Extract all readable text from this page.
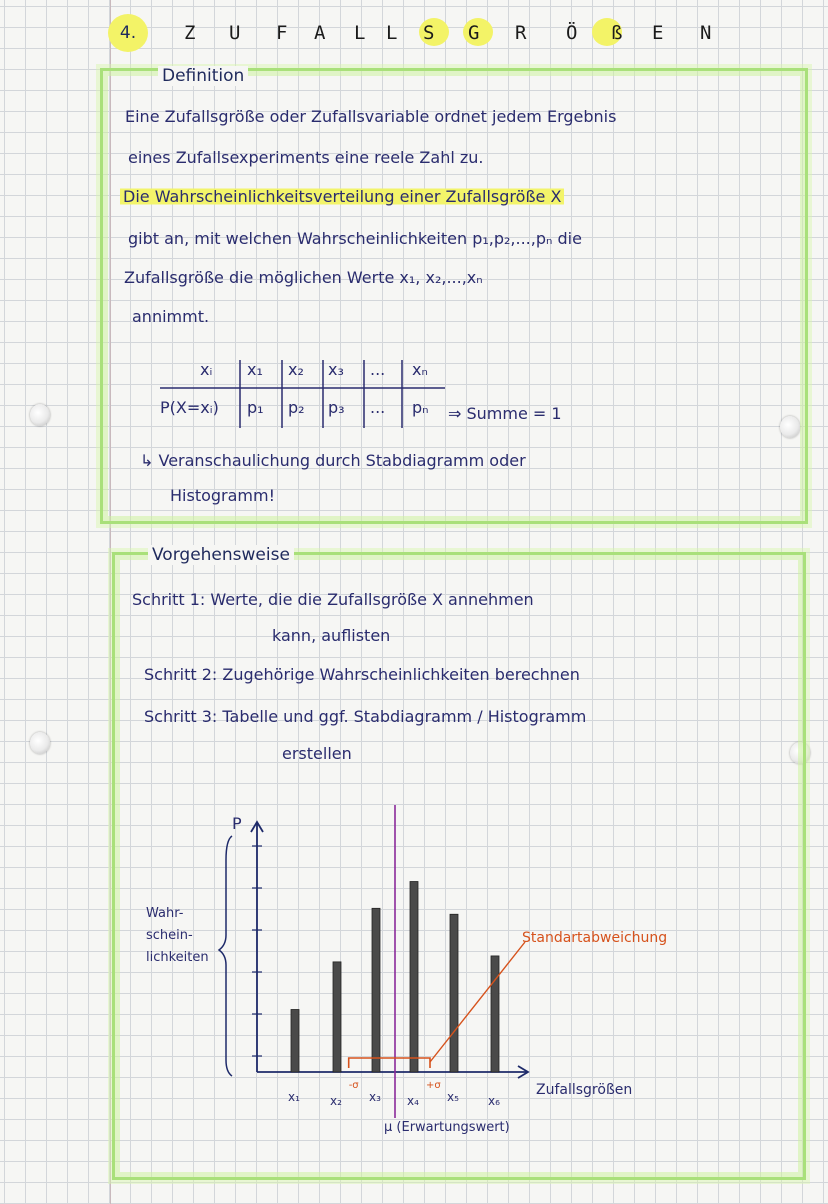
4.	Z U F A L L S G R Ö ß E N
Definition
Eine Zufallsgröße oder Zufallsvariable ordnet jedem Ergebnis
eines Zufallsexperiments eine reele Zahl zu.
Die Wahrscheinlichkeitsverteilung einer Zufallsgröße X
gibt an, mit welchen Wahrscheinlichkeiten p₁,p₂,...,pₙ die
Zufallsgröße die möglichen Werte x₁, x₂,...,xₙ
annimmt.
xᵢ x₁ x₂ x₃ ... xₙ
P(X=xᵢ) p₁ p₂ p₃ ... pₙ ⇒ Summe = 1
↳ Veranschaulichung durch Stabdiagramm oder
Histogramm!
Vorgehensweise
Schritt 1: Werte, die die Zufallsgröße X annehmen
kann, auflisten
Schritt 2: Zugehörige Wahrscheinlichkeiten berechnen
Schritt 3: Tabelle und ggf. Stabdiagramm / Histogramm
erstellen
P
Zufallsgrößen
Wahr-
schein-
lichkeiten
x₁	x₂ x₃ x₄ x₅ x₆
-σ	+σ
μ (Erwartungswert)
Standartabweichung
